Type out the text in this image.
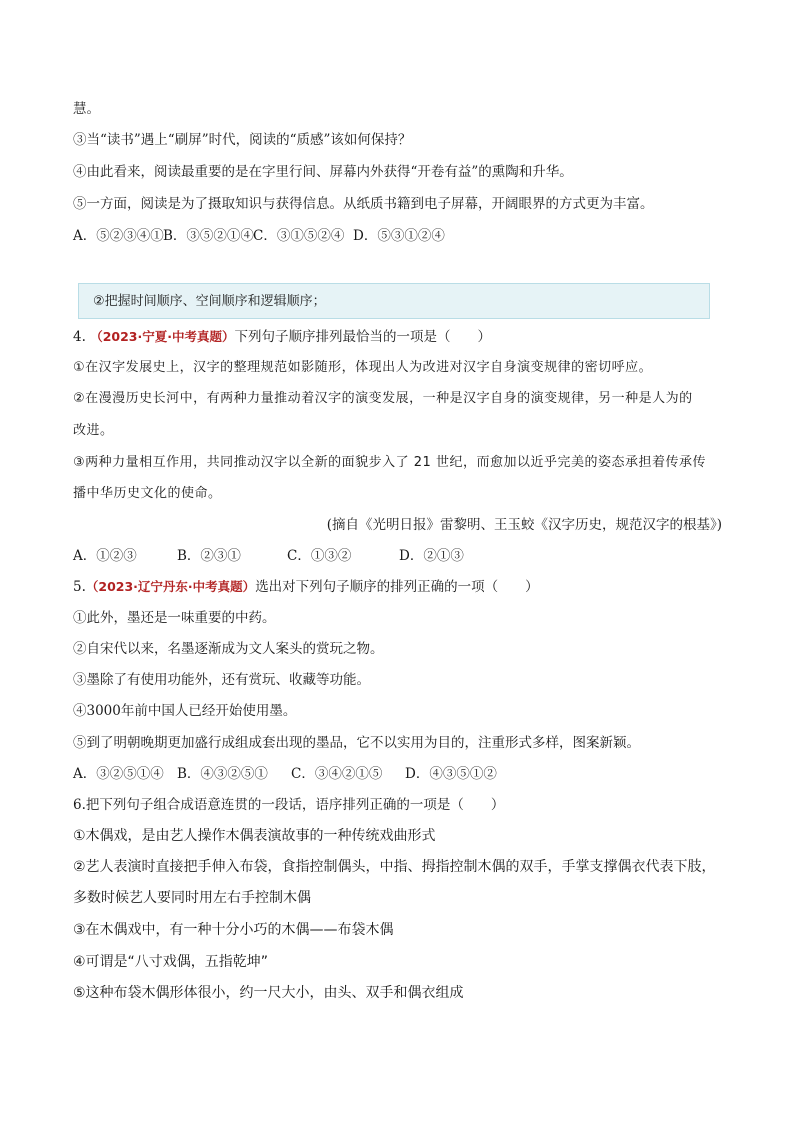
慧。
③当“读书”遇上“刷屏”时代，阅读的“质感”该如何保持？
④由此看来，阅读最重要的是在字里行间、屏幕内外获得“开卷有益”的熏陶和升华。
⑤一方面，阅读是为了摄取知识与获得信息。从纸质书籍到电子屏幕，开阔眼界的方式更为丰富。
A．⑤②③④①B．③⑤②①④C．③①⑤②④ D．⑤③①②④
②把握时间顺序、空间顺序和逻辑顺序；
4. （2023·宁夏·中考真题）下列句子顺序排列最恰当的一项是（　　）
①在汉字发展史上，汉字的整理规范如影随形，体现出人为改进对汉字自身演变规律的密切呼应。
②在漫漫历史长河中，有两种力量推动着汉字的演变发展，一种是汉字自身的演变规律，另一种是人为的
改进。
③两种力量相互作用，共同推动汉字以全新的面貌步入了 21 世纪，而愈加以近乎完美的姿态承担着传承传
播中华历史文化的使命。
(摘自《光明日报》雷黎明、王玉蛟《汉字历史，规范汉字的根基》)
A．①②③	B．②③①	C．①③②	D．②①③
5.（2023·辽宁丹东·中考真题）选出对下列句子顺序的排列正确的一项（　　）
①此外，墨还是一味重要的中药。
②自宋代以来，名墨逐渐成为文人案头的赏玩之物。
③墨除了有使用功能外，还有赏玩、收藏等功能。
④3000年前中国人已经开始使用墨。
⑤到了明朝晚期更加盛行成组成套出现的墨品，它不以实用为目的，注重形式多样，图案新颖。
A．③②⑤①④ B．④③②⑤① C．③④②①⑤ D．④③⑤①②
6.把下列句子组合成语意连贯的一段话，语序排列正确的一项是（　　）
①木偶戏，是由艺人操作木偶表演故事的一种传统戏曲形式
②艺人表演时直接把手伸入布袋，食指控制偶头，中指、拇指控制木偶的双手，手掌支撑偶衣代表下肢，
多数时候艺人要同时用左右手控制木偶
③在木偶戏中，有一种十分小巧的木偶——布袋木偶
④可谓是“八寸戏偶，五指乾坤”
⑤这种布袋木偶形体很小，约一尺大小，由头、双手和偶衣组成
